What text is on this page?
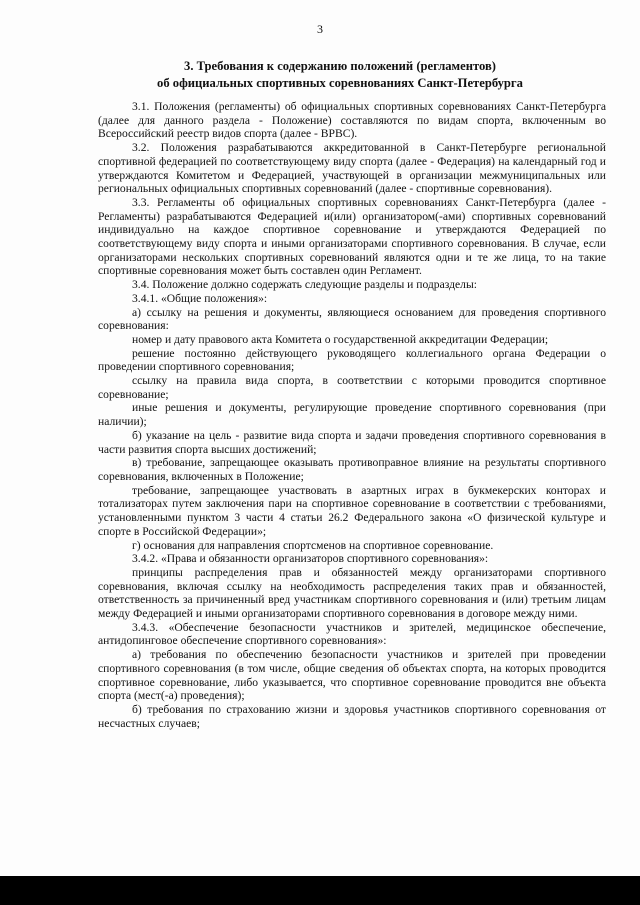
3
3. Требования к содержанию положений (регламентов)
об официальных спортивных соревнованиях Санкт-Петербурга

3.1. Положения (регламенты) об официальных спортивных соревнованиях Санкт-Петербурга (далее для данного раздела - Положение) составляются по видам спорта, включенным во Всероссийский реестр видов спорта (далее - ВРВС).

3.2. Положения разрабатываются аккредитованной в Санкт-Петербурге региональной спортивной федерацией по соответствующему виду спорта (далее - Федерация) на календарный год и утверждаются Комитетом и Федерацией, участвующей в организации межмуниципальных или региональных официальных спортивных соревнований (далее - спортивные соревнования).

3.3. Регламенты об официальных спортивных соревнованиях Санкт-Петербурга (далее - Регламенты) разрабатываются Федерацией и(или) организатором(-ами) спортивных соревнований индивидуально на каждое спортивное соревнование и утверждаются Федерацией по соответствующему виду спорта и иными организаторами спортивного соревнования. В случае, если организаторами нескольких спортивных соревнований являются одни и те же лица, то на такие спортивные соревнования может быть составлен один Регламент.

3.4. Положение должно содержать следующие разделы и подразделы:

3.4.1. «Общие положения»:

а) ссылку на решения и документы, являющиеся основанием для проведения спортивного соревнования:

номер и дату правового акта Комитета о государственной аккредитации Федерации;

решение постоянно действующего руководящего коллегиального органа Федерации о проведении спортивного соревнования;

ссылку на правила вида спорта, в соответствии с которыми проводится спортивное соревнование;

иные решения и документы, регулирующие проведение спортивного соревнования (при наличии);

б) указание на цель - развитие вида спорта и задачи проведения спортивного соревнования в части развития спорта высших достижений;

в) требование, запрещающее оказывать противоправное влияние на результаты спортивного соревнования, включенных в Положение;

требование, запрещающее участвовать в азартных играх в букмекерских конторах и тотализаторах путем заключения пари на спортивное соревнование в соответствии с требованиями, установленными пунктом 3 части 4 статьи 26.2 Федерального закона «О физической культуре и спорте в Российской Федерации»;

г) основания для направления спортсменов на спортивное соревнование.

3.4.2. «Права и обязанности организаторов спортивного соревнования»:

принципы распределения прав и обязанностей между организаторами спортивного соревнования, включая ссылку на необходимость распределения таких прав и обязанностей, ответственность за причиненный вред участникам спортивного соревнования и (или) третьим лицам между Федерацией и иными организаторами спортивного соревнования в договоре между ними.

3.4.3. «Обеспечение безопасности участников и зрителей, медицинское обеспечение, антидопинговое обеспечение спортивного соревнования»:

а) требования по обеспечению безопасности участников и зрителей при проведении спортивного соревнования (в том числе, общие сведения об объектах спорта, на которых проводится спортивное соревнование, либо указывается, что спортивное соревнование проводится вне объекта спорта (мест(-а) проведения);

б) требования по страхованию жизни и здоровья участников спортивного соревнования от несчастных случаев;
